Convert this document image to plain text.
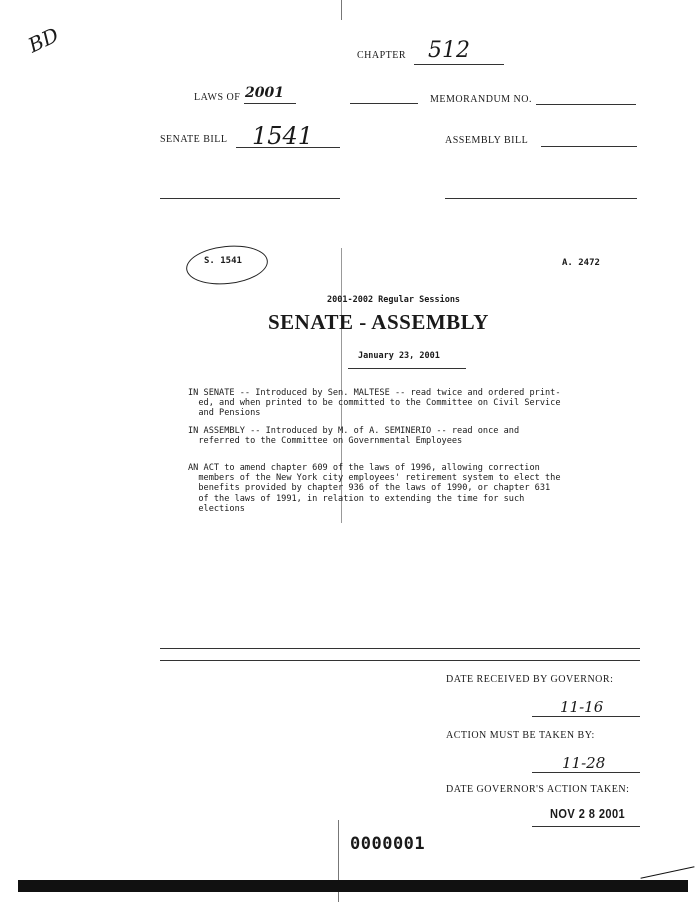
BD	CHAPTER 512
LAWS OF 2001	MEMORANDUM NO.
SENATE BILL 1541	ASSEMBLY BILL
S. 1541	A. 2472
2001-2002 Regular Sessions
SENATE - ASSEMBLY
January 23, 2001
IN SENATE -- Introduced by Sen. MALTESE -- read twice and ordered print-
ed, and when printed to be committed to the Committee on Civil Service
and Pensions
IN ASSEMBLY -- Introduced by M. of A. SEMINERIO -- read once and
referred to the Committee on Governmental Employees
AN ACT to amend chapter 609 of the laws of 1996, allowing correction
members of the New York city employees' retirement system to elect the
benefits provided by chapter 936 of the laws of 1990, or chapter 631
of the laws of 1991, in relation to extending the time for such
elections
DATE RECEIVED BY GOVERNOR:
11-16
ACTION MUST BE TAKEN BY:
11-28
DATE GOVERNOR'S ACTION TAKEN:
NOV 2 8 2001
0000001
